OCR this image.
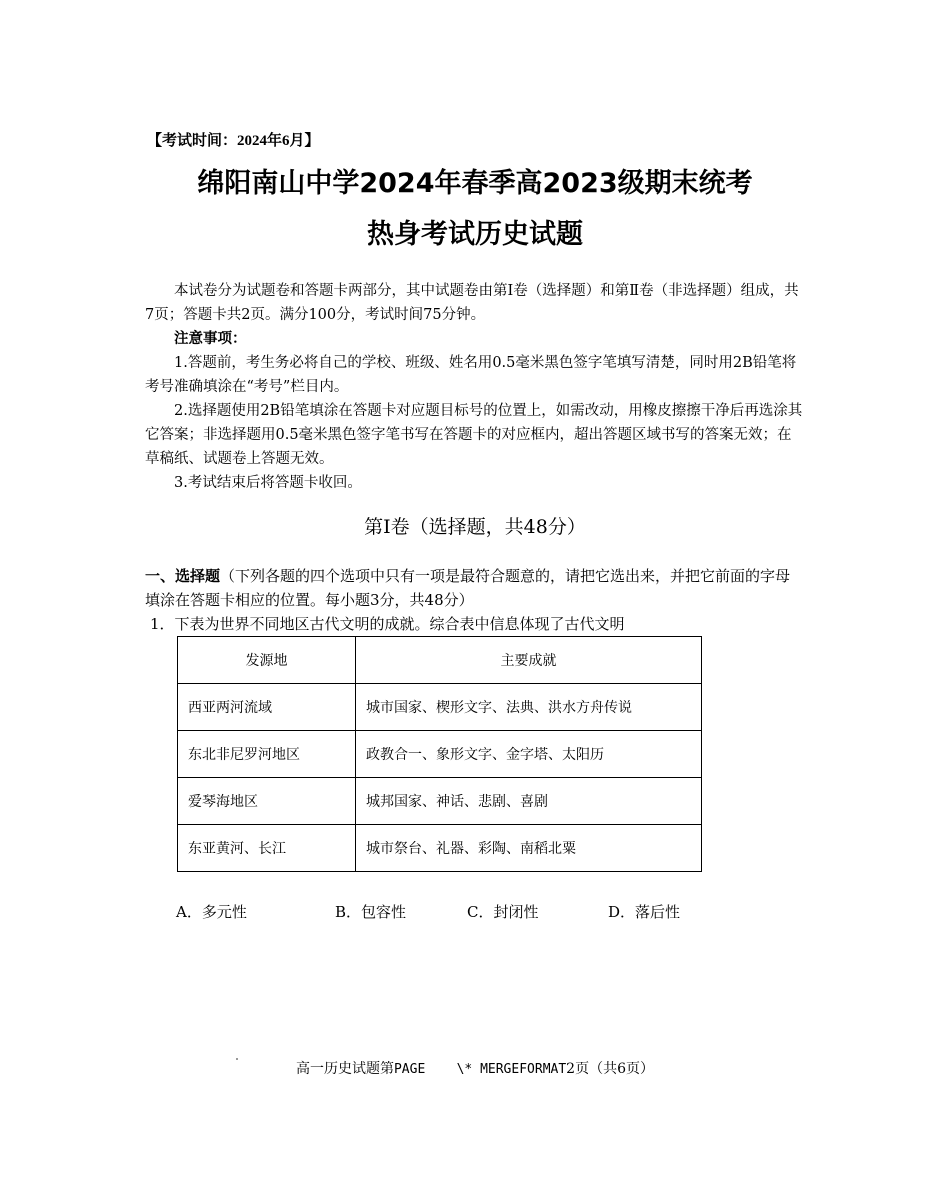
【考试时间：2024年6月】
绵阳南山中学2024年春季高2023级期末统考
热身考试历史试题

本试卷分为试题卷和答题卡两部分，其中试题卷由第Ⅰ卷（选择题）和第Ⅱ卷（非选择题）组成，共7页；答题卡共2页。满分100分，考试时间75分钟。

注意事项：

1.答题前，考生务必将自己的学校、班级、姓名用0.5毫米黑色签字笔填写清楚，同时用2B铅笔将考号准确填涂在“考号”栏目内。

2.选择题使用2B铅笔填涂在答题卡对应题目标号的位置上，如需改动，用橡皮擦擦干净后再选涂其它答案；非选择题用0.5毫米黑色签字笔书写在答题卡的对应框内，超出答题区域书写的答案无效；在草稿纸、试题卷上答题无效。

3.考试结束后将答题卡收回。

第Ⅰ卷（选择题，共48分）
一、选择题（下列各题的四个选项中只有一项是最符合题意的，请把它选出来，并把它前面的字母填涂在答题卡相应的位置。每小题3分，共48分）
1．下表为世界不同地区古代文明的成就。综合表中信息体现了古代文明
发源地	主要成就
西亚两河流域	城市国家、楔形文字、法典、洪水方舟传说
东北非尼罗河地区	政教合一、象形文字、金字塔、太阳历
爱琴海地区	城邦国家、神话、悲剧、喜剧
东亚黄河、长江	城市祭台、礼器、彩陶、南稻北粟
A．多元性	B．包容性	C．封闭性	D．落后性
高一历史试题第PAGE    \* MERGEFORMAT2页（共6页）
